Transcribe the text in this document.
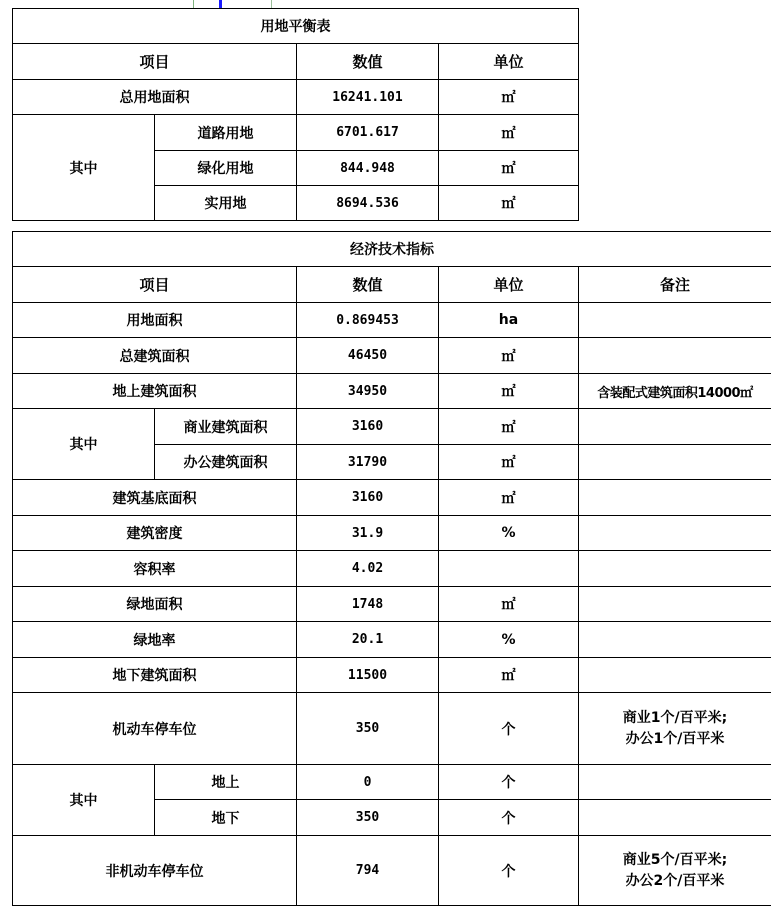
用地平衡表			
项目		数值	单位
总用地面积		16241.101	㎡
其中	道路用地	6701.617	㎡
	绿化用地	844.948	㎡
	实用地	8694.536	㎡
经济技术指标				
项目		数值	单位	备注
用地面积		0.869453	ha	
总建筑面积		46450	㎡	
地上建筑面积		34950	㎡	含装配式建筑面积14000㎡
其中	商业建筑面积	3160	㎡	
	办公建筑面积	31790	㎡	
建筑基底面积		3160	㎡	
建筑密度		31.9	%	
容积率		4.02		
绿地面积		1748	㎡	
绿地率		20.1	%	
地下建筑面积		11500	㎡	
机动车停车位		350	个	商业1个/百平米;
办公1个/百平米

其中	地上	0	个	
	地下	350	个	
非机动车停车位		794	个	商业5个/百平米;
办公2个/百平米
